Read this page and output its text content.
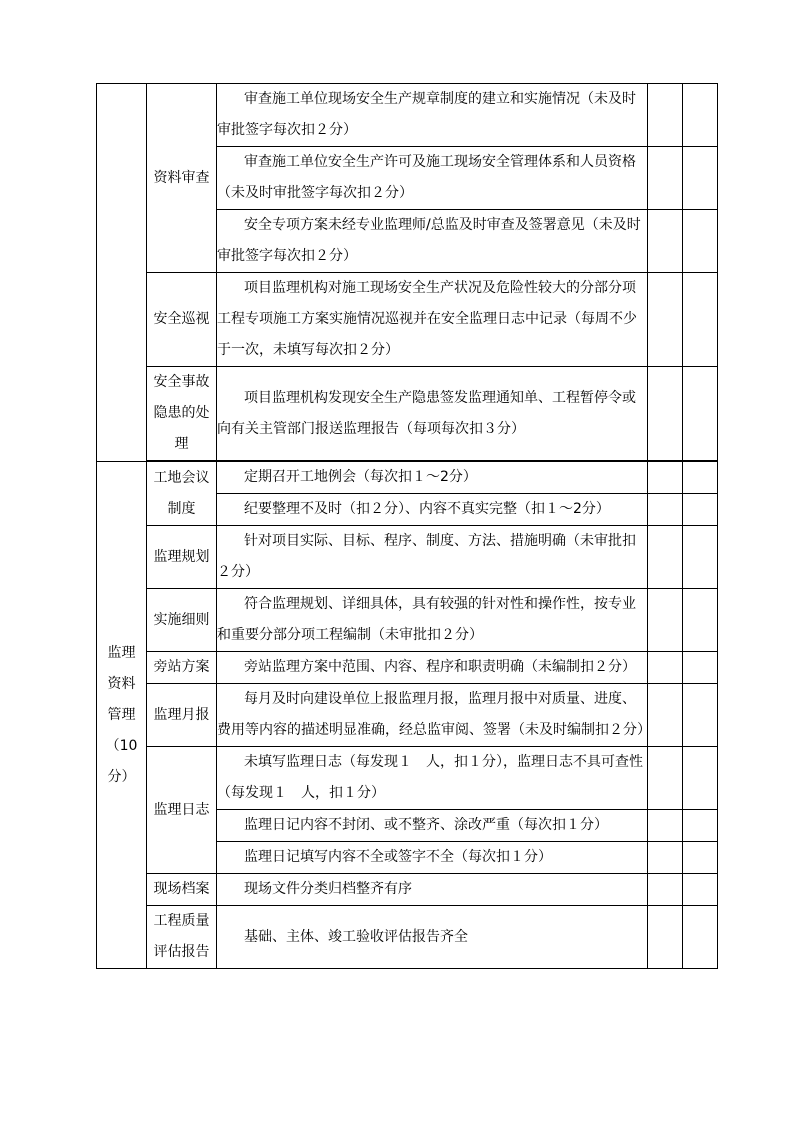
	资料审查	审查施工单位现场安全生产规章制度的建立和实施情况（未及时审批签字每次扣２分）		
		审查施工单位安全生产许可及施工现场安全管理体系和人员资格（未及时审批签字每次扣２分）		
		安全专项方案未经专业监理师/总监及时审查及签署意见（未及时审批签字每次扣２分）		
	安全巡视	项目监理机构对施工现场安全生产状况及危险性较大的分部分项工程专项施工方案实施情况巡视并在安全监理日志中记录（每周不少于一次，未填写每次扣２分）		
	安全事故隐患的处理	项目监理机构发现安全生产隐患签发监理通知单、工程暂停令或向有关主管部门报送监理报告（每项每次扣３分）		

监理资料管理（10分）	工地会议制度	定期召开工地例会（每次扣１～2分）		
		纪要整理不及时（扣２分）、内容不真实完整（扣１～2分）		
	监理规划	针对项目实际、目标、程序、制度、方法、措施明确（未审批扣２分）		
	实施细则	符合监理规划、详细具体，具有较强的针对性和操作性，按专业和重要分部分项工程编制（未审批扣２分）		
	旁站方案	旁站监理方案中范围、内容、程序和职责明确（未编制扣２分）		
	监理月报	每月及时向建设单位上报监理月报，监理月报中对质量、进度、费用等内容的描述明显准确，经总监审阅、签署（未及时编制扣２分）		
	监理日志	未填写监理日志（每发现１　人，扣１分），监理日志不具可查性（每发现１　人，扣１分）		
		监理日记内容不封闭、或不整齐、涂改严重（每次扣１分）		
		监理日记填写内容不全或签字不全（每次扣１分）		
	现场档案	现场文件分类归档整齐有序		
	工程质量评估报告	基础、主体、竣工验收评估报告齐全		
